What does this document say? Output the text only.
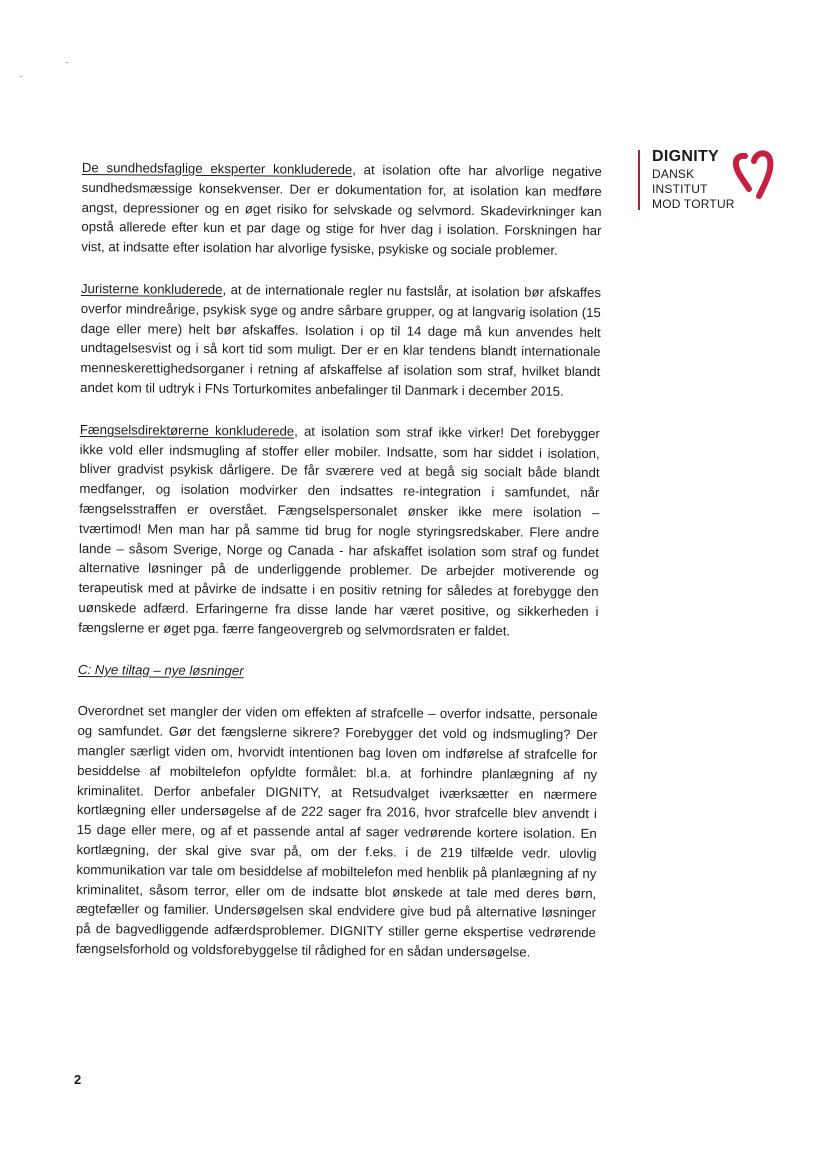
DIGNITY
DANSK
INSTITUT
MOD TORTUR

De sundhedsfaglige eksperter konkluderede, at isolation ofte har alvorlige negative sundhedsmæssige konsekvenser. Der er dokumentation for, at isolation kan medføre angst, depressioner og en øget risiko for selvskade og selvmord. Skadevirkninger kan opstå allerede efter kun et par dage og stige for hver dag i isolation. Forskningen har vist, at indsatte efter isolation har alvorlige fysiske, psykiske og sociale problemer.

Juristerne konkluderede, at de internationale regler nu fastslår, at isolation bør afskaffes overfor mindreårige, psykisk syge og andre sårbare grupper, og at langvarig isolation (15 dage eller mere) helt bør afskaffes. Isolation i op til 14 dage må kun anvendes helt undtagelsesvist og i så kort tid som muligt. Der er en klar tendens blandt internationale menneskerettighedsorganer i retning af afskaffelse af isolation som straf, hvilket blandt andet kom til udtryk i FNs Torturkomites anbefalinger til Danmark i december 2015.

Fængselsdirektørerne konkluderede, at isolation som straf ikke virker! Det forebygger ikke vold eller indsmugling af stoffer eller mobiler. Indsatte, som har siddet i isolation, bliver gradvist psykisk dårligere. De får sværere ved at begå sig socialt både blandt medfanger, og isolation modvirker den indsattes re-integration i samfundet, når fængselsstraffen er overstået. Fængselspersonalet ønsker ikke mere isolation – tværtimod! Men man har på samme tid brug for nogle styringsredskaber. Flere andre lande – såsom Sverige, Norge og Canada - har afskaffet isolation som straf og fundet alternative løsninger på de underliggende problemer. De arbejder motiverende og terapeutisk med at påvirke de indsatte i en positiv retning for således at forebygge den uønskede adfærd. Erfaringerne fra disse lande har været positive, og sikkerheden i fængslerne er øget pga. færre fangeovergreb og selvmordsraten er faldet.

C: Nye tiltag – nye løsninger

Overordnet set mangler der viden om effekten af strafcelle – overfor indsatte, personale og samfundet. Gør det fængslerne sikrere? Forebygger det vold og indsmugling? Der mangler særligt viden om, hvorvidt intentionen bag loven om indførelse af strafcelle for besiddelse af mobiltelefon opfyldte formålet: bl.a. at forhindre planlægning af ny kriminalitet. Derfor anbefaler DIGNITY, at Retsudvalget iværksætter en nærmere kortlægning eller undersøgelse af de 222 sager fra 2016, hvor strafcelle blev anvendt i 15 dage eller mere, og af et passende antal af sager vedrørende kortere isolation. En kortlægning, der skal give svar på, om der f.eks. i de 219 tilfælde vedr. ulovlig kommunikation var tale om besiddelse af mobiltelefon med henblik på planlægning af ny kriminalitet, såsom terror, eller om de indsatte blot ønskede at tale med deres børn, ægtefæller og familier. Undersøgelsen skal endvidere give bud på alternative løsninger på de bagvedliggende adfærdsproblemer. DIGNITY stiller gerne ekspertise vedrørende fængselsforhold og voldsforebyggelse til rådighed for en sådan undersøgelse.

2
